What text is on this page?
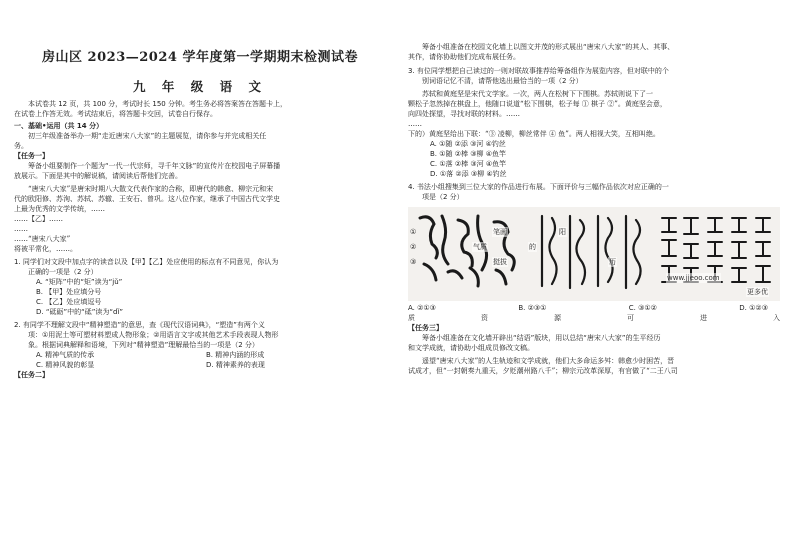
房山区 2023—2024 学年度第一学期期末检测试卷
九 年 级 语 文

本试卷共 12 页，共 100 分，考试时长 150 分钟。考生务必将答案答在答题卡上，

在试卷上作答无效。考试结束后，将答题卡交回，试卷自行保存。

一、基础•运用（共 14 分）

初三年级准备举办一期“走近唐宋八大家”的主题展览，请你参与并完成相关任

务。

【任务一】

筹备小组要制作一个题为“一代一代宗师，寻千年文脉”的宣传片在校园电子屏幕播

放展示。下面是其中的解说稿，请阅读后帮他们完善。

“唐宋八大家”是唐宋时期八大散文代表作家的合称，即唐代的韩愈、柳宗元和宋

代的欧阳修、苏洵、苏轼、苏辙、王安石、曾巩。这八位作家，继承了中国古代文学史

上最为优秀的文学传统，……

……【乙】……

……

……“唐宋八大家”

将被平常化，……。

1. 同学们对文段中加点字的读音以及【甲】【乙】处应使用的标点有不同意见，你认为

正确的一项是（2 分）

A. “矩阵”中的“矩”读为“jǔ”

B. 【甲】处应填分号

C. 【乙】处应填逗号

D. “砥砺”中的“砥”读为“dǐ”

2. 有同学不理解文段中“精神塑造”的意思，查《现代汉语词典》，“塑造”有两个义

项：①用泥土等可塑材料塑成人物形象；②用语言文字或其他艺术手段表现人物形

象。根据词典解释和语境，下列对“精神塑造”理解最恰当的一项是（2 分）

A. 精神气质的传承	B. 精神内涵的形成
C. 精神风貌的彰显	D. 精神素养的表现

【任务二】

筹备小组准备在校园文化墙上以图文并茂的形式展出“唐宋八大家”的其人、其事、

其作，请你协助他们完成布展任务。

3. 有位同学想把自己读过的一则对联故事推荐给筹备组作为展览内容，但对联中的个

别词语记忆不清，请帮他选出最恰当的一项（2 分）

苏轼和黄庭坚是宋代文学家。一次，两人在松树下下围棋。苏轼则说下了一

颗松子忽然掉在棋盘上，他随口说道“松下围棋，松子每 ① 棋子 ②”。黄庭坚会意，

向四处探望，寻找对联的材料。……

……

下的）黄庭坚给出下联：“③ 凌柳，柳丝常伴 ④ 鱼”。两人相视大笑，互相叫绝。

A. ①随 ②添 ③河 ④钓丝

B. ①随 ②棒 ③柳 ④鱼竿

C. ①落 ②棒 ③河 ④鱼竿

D. ①落 ②添 ③柳 ④钓丝

4. 书法小组搜集到三位大家的作品进行布展。下面评价与三幅作品依次对应正确的一

项是（2 分）

①
②
③
笔画	阳
气质	的
挺拔	历
www.jjeoo.com
更多优
A. ②①③	B. ②③①	C. ③①②	D. ①②③
质	资	源	可	进	入

【任务三】

筹备小组准备在文化墙开辟出“结语”版块，用以总结“唐宋八大家”的生平经历

和文学成就，请协助小组成员修改文稿。

遥望“唐宋八大家”的人生轨迹和文学成就，他们大多命运多舛：韩愈少时困苦，晋

试成才，但“一封朝奏九重天，夕贬潮州路八千”；柳宗元改革深厚，有官做了“二王八司
